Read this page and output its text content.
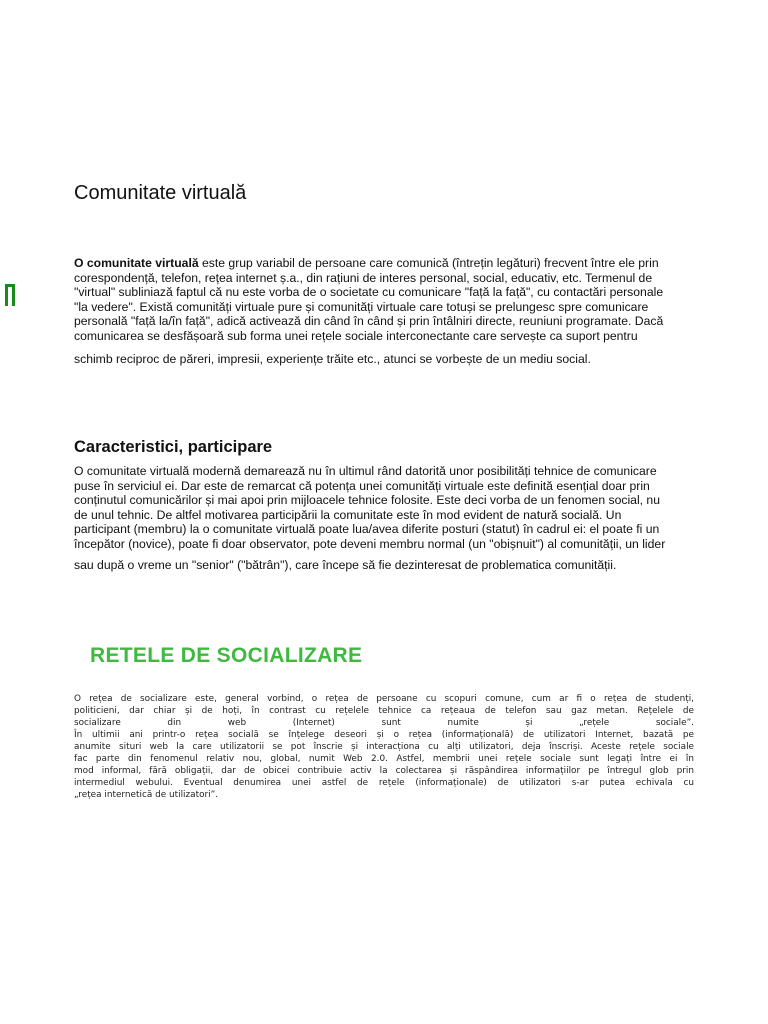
Comunitate virtuală
O comunitate virtuală este grup variabil de persoane care comunică (întrețin legături) frecvent între ele prin
corespondență, telefon, rețea internet ș.a., din rațiuni de interes personal, social, educativ, etc. Termenul de
"virtual" subliniază faptul că nu este vorba de o societate cu comunicare "față la față", cu contactări personale
"la vedere". Există comunități virtuale pure și comunități virtuale care totuși se prelungesc spre comunicare
personală "față la/în față", adică activează din când în când și prin întâlniri directe, reuniuni programate. Dacă
comunicarea se desfășoară sub forma unei rețele sociale interconectante care servește ca suport pentru
schimb reciproc de păreri, impresii, experiențe trăite etc., atunci se vorbește de un mediu social.
Caracteristici, participare
O comunitate virtuală modernă demarează nu în ultimul rând datorită unor posibilități tehnice de comunicare
puse în serviciul ei. Dar este de remarcat că potența unei comunități virtuale este definită esențial doar prin
conținutul comunicărilor și mai apoi prin mijloacele tehnice folosite. Este deci vorba de un fenomen social, nu
de unul tehnic. De altfel motivarea participării la comunitate este în mod evident de natură socială. Un
participant (membru) la o comunitate virtuală poate lua/avea diferite posturi (statut) în cadrul ei: el poate fi un
începător (novice), poate fi doar observator, pote deveni membru normal (un "obișnuit") al comunității, un lider
sau după o vreme un "senior" ("bătrân"), care începe să fie dezinteresat de problematica comunității.
RETELE DE SOCIALIZARE
O rețea de socializare este, general vorbind, o rețea de persoane cu scopuri comune, cum ar fi o rețea de studenți,
politicieni, dar chiar și de hoți, în contrast cu rețelele tehnice ca rețeaua de telefon sau gaz metan. Rețelele de
socializare din web (Internet) sunt numite și „rețele sociale”.
În ultimii ani printr-o rețea socială se înțelege deseori și o rețea (informațională) de utilizatori Internet, bazată pe
anumite situri web la care utilizatorii se pot înscrie și interacționa cu alți utilizatori, deja înscriși. Aceste rețele sociale
fac parte din fenomenul relativ nou, global, numit Web 2.0. Astfel, membrii unei rețele sociale sunt legați între ei în
mod informal, fără obligații, dar de obicei contribuie activ la colectarea și răspândirea informațiilor pe întregul glob prin
intermediul webului. Eventual denumirea unei astfel de rețele (informaționale) de utilizatori s-ar putea echivala cu
„rețea internetică de utilizatori”.
